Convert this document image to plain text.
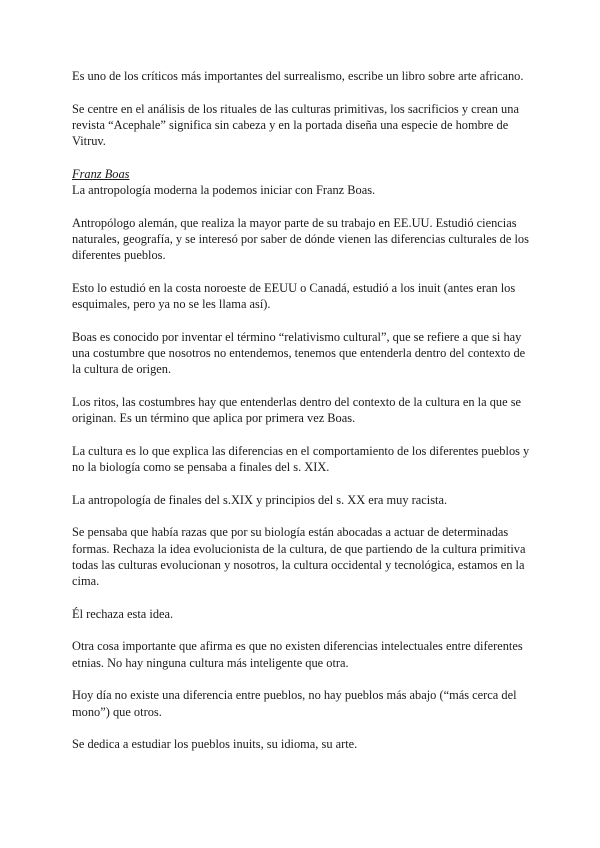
Es uno de los críticos más importantes del surrealismo, escribe un libro sobre arte africano.

Se centre en el análisis de los rituales de las culturas primitivas, los sacrificios y crean una revista “Acephale” significa sin cabeza y en la portada diseña una especie de hombre de Vitruv.

Franz Boas
La antropología moderna la podemos iniciar con Franz Boas.

Antropólogo alemán, que realiza la mayor parte de su trabajo en EE.UU. Estudió ciencias naturales, geografía, y se interesó por saber de dónde vienen las diferencias culturales de los diferentes pueblos.

Esto lo estudió en la costa noroeste de EEUU o Canadá, estudió a los inuit (antes eran los esquimales, pero ya no se les llama así).

Boas es conocido por inventar el término “relativismo cultural”, que se refiere a que si hay una costumbre que nosotros no entendemos, tenemos que entenderla dentro del contexto de la cultura de origen.

Los ritos, las costumbres hay que entenderlas dentro del contexto de la cultura en la que se originan. Es un término que aplica por primera vez Boas.

La cultura es lo que explica las diferencias en el comportamiento de los diferentes pueblos y no la biología como se pensaba a finales del s. XIX.

La antropología de finales del s.XIX y principios del s. XX era muy racista.

Se pensaba que había razas que por su biología están abocadas a actuar de determinadas formas. Rechaza la idea evolucionista de la cultura, de que partiendo de la cultura primitiva todas las culturas evolucionan y nosotros, la cultura occidental y tecnológica, estamos en la cima.

Él rechaza esta idea.

Otra cosa importante que afirma es que no existen diferencias intelectuales entre diferentes etnias. No hay ninguna cultura más inteligente que otra.

Hoy día no existe una diferencia entre pueblos, no hay pueblos más abajo (“más cerca del mono”) que otros.

Se dedica a estudiar los pueblos inuits, su idioma, su arte.
